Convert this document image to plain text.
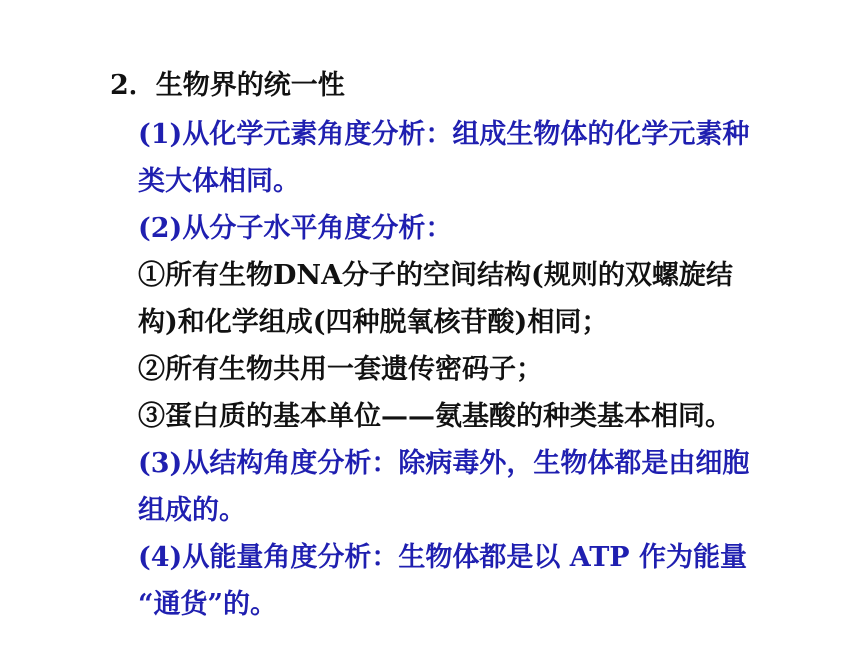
2．生物界的统一性
(1)从化学元素角度分析：组成生物体的化学元素种
类大体相同。
(2)从分子水平角度分析：
①所有生物DNA分子的空间结构(规则的双螺旋结
构)和化学组成(四种脱氧核苷酸)相同；
②所有生物共用一套遗传密码子；
③蛋白质的基本单位——氨基酸的种类基本相同。
(3)从结构角度分析：除病毒外，生物体都是由细胞
组成的。
(4)从能量角度分析：生物体都是以 ATP 作为能量
“通货”的。
